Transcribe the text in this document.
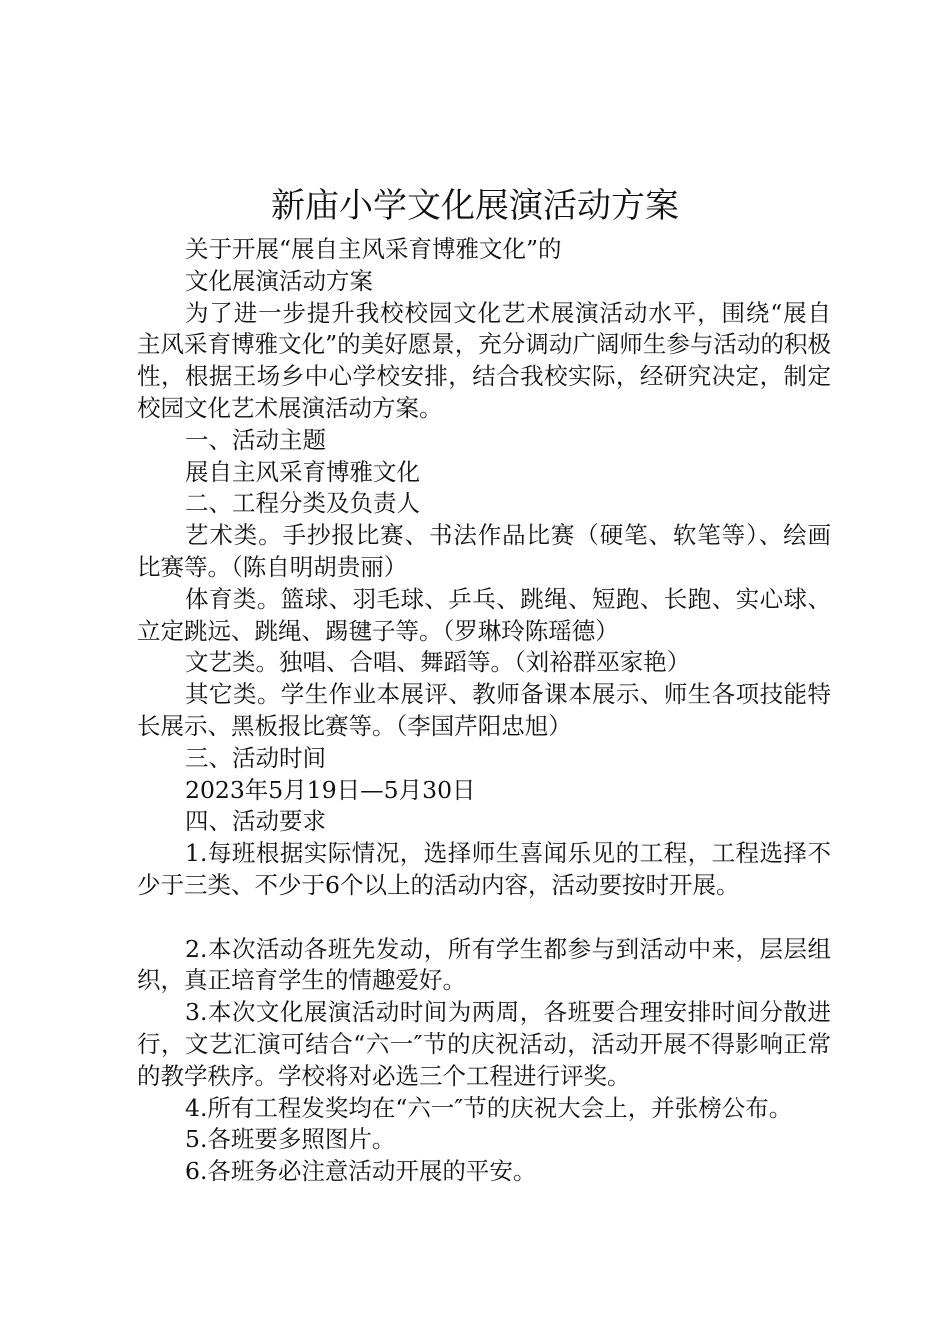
新庙小学文化展演活动方案

关于开展“展自主风采育博雅文化”的

文化展演活动方案

为了进一步提升我校校园文化艺术展演活动水平，围绕“展自主风采育博雅文化”的美好愿景，充分调动广阔师生参与活动的积极性，根据王场乡中心学校安排，结合我校实际，经研究决定，制定校园文化艺术展演活动方案。

一、活动主题

展自主风采育博雅文化

二、工程分类及负责人

艺术类。手抄报比赛、书法作品比赛（硬笔、软笔等）、绘画比赛等。（陈自明胡贵丽）

体育类。篮球、羽毛球、乒乓、跳绳、短跑、长跑、实心球、立定跳远、跳绳、踢毽子等。（罗琳玲陈瑶德）

文艺类。独唱、合唱、舞蹈等。（刘裕群巫家艳）

其它类。学生作业本展评、教师备课本展示、师生各项技能特长展示、黑板报比赛等。（李国芹阳忠旭）

三、活动时间

2023年5月19日—5月30日

四、活动要求

1.每班根据实际情况，选择师生喜闻乐见的工程，工程选择不少于三类、不少于6个以上的活动内容，活动要按时开展。

2.本次活动各班先发动，所有学生都参与到活动中来，层层组织，真正培育学生的情趣爱好。

3.本次文化展演活动时间为两周，各班要合理安排时间分散进行，文艺汇演可结合“六一″节的庆祝活动，活动开展不得影响正常的教学秩序。学校将对必选三个工程进行评奖。

4.所有工程发奖均在“六一″节的庆祝大会上，并张榜公布。

5.各班要多照图片。

6.各班务必注意活动开展的平安。
